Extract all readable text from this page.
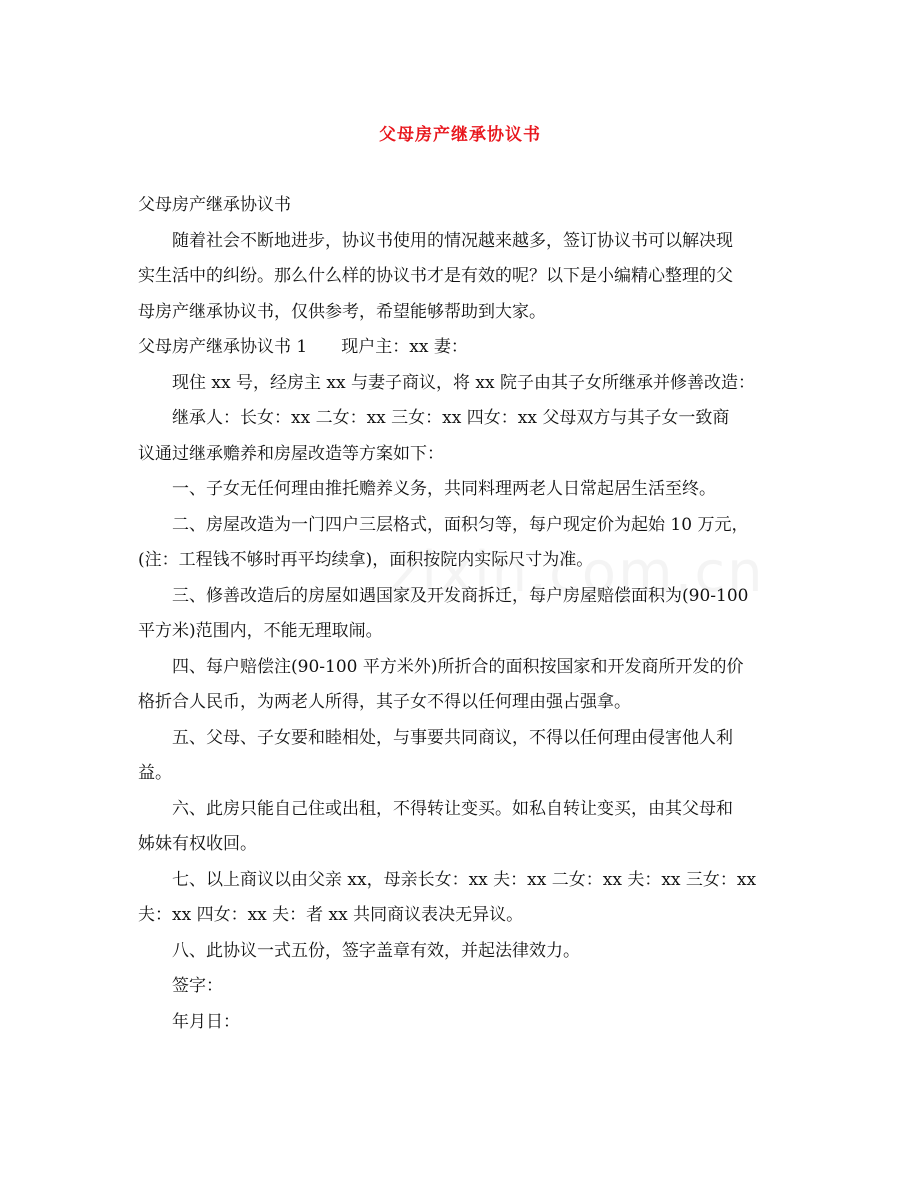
父母房产继承协议书

父母房产继承协议书

随着社会不断地进步，协议书使用的情况越来越多，签订协议书可以解决现

实生活中的纠纷。那么什么样的协议书才是有效的呢？以下是小编精心整理的父

母房产继承协议书，仅供参考，希望能够帮助到大家。

父母房产继承协议书 1 现户主：xx 妻：

现住 xx 号，经房主 xx 与妻子商议，将 xx 院子由其子女所继承并修善改造：

继承人：长女：xx 二女：xx 三女：xx 四女：xx 父母双方与其子女一致商

议通过继承赡养和房屋改造等方案如下：

一、子女无任何理由推托赡养义务，共同料理两老人日常起居生活至终。

二、房屋改造为一门四户三层格式，面积匀等，每户现定价为起始 10 万元，

(注：工程钱不够时再平均续拿)，面积按院内实际尺寸为准。

三、修善改造后的房屋如遇国家及开发商拆迁，每户房屋赔偿面积为(90-100

平方米)范围内，不能无理取闹。

四、每户赔偿注(90-100 平方米外)所折合的面积按国家和开发商所开发的价

格折合人民币，为两老人所得，其子女不得以任何理由强占强拿。

五、父母、子女要和睦相处，与事要共同商议，不得以任何理由侵害他人利

益。

六、此房只能自己住或出租，不得转让变买。如私自转让变买，由其父母和

姊妹有权收回。

七、以上商议以由父亲 xx，母亲长女：xx 夫：xx 二女：xx 夫：xx 三女：xx

夫：xx 四女：xx 夫：者 xx 共同商议表决无异议。

八、此协议一式五份，签字盖章有效，并起法律效力。

签字：

年月日：
